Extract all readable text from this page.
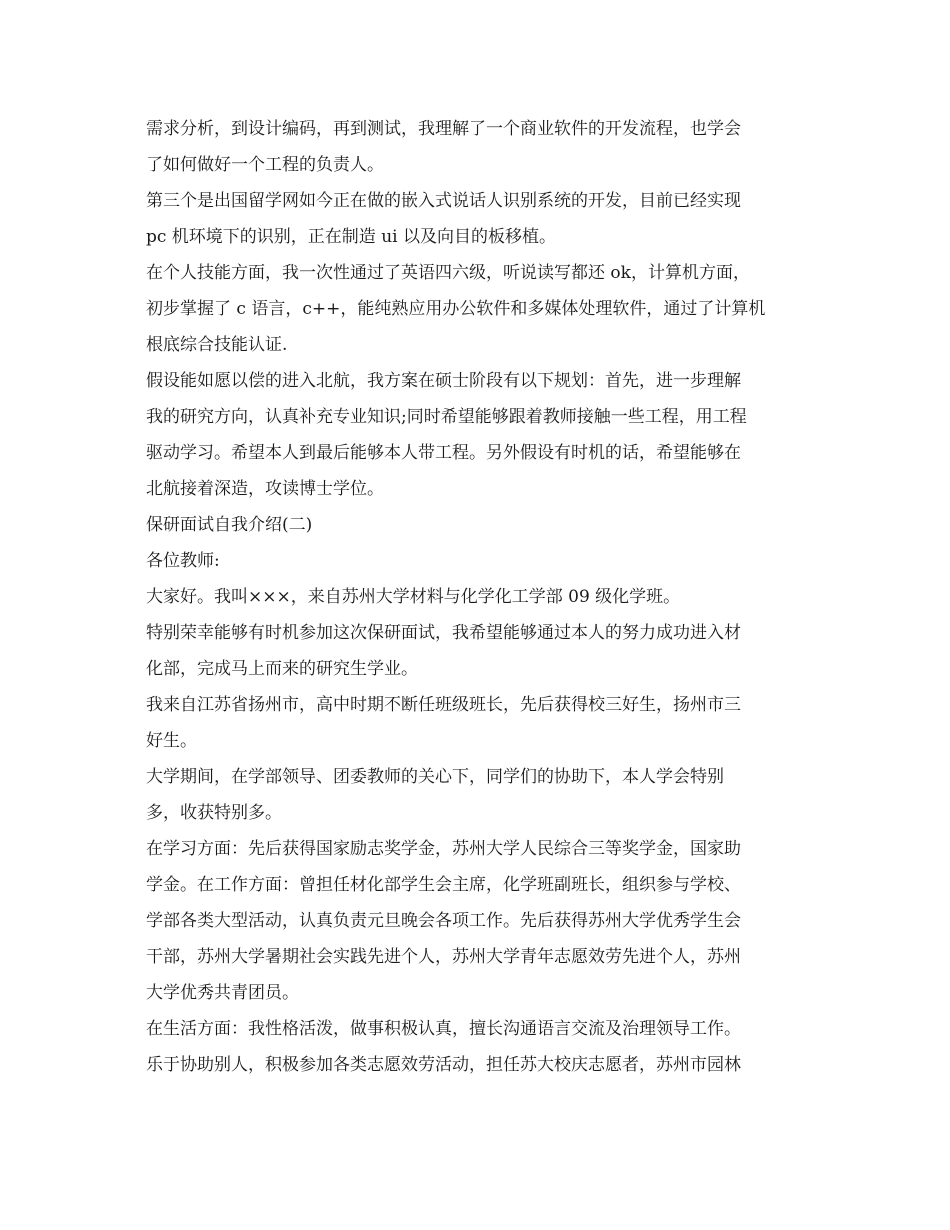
需求分析，到设计编码，再到测试，我理解了一个商业软件的开发流程，也学会
了如何做好一个工程的负责人。
第三个是出国留学网如今正在做的嵌入式说话人识别系统的开发，目前已经实现
pc 机环境下的识别，正在制造 ui 以及向目的板移植。
在个人技能方面，我一次性通过了英语四六级，听说读写都还 ok，计算机方面，
初步掌握了 c 语言，c++，能纯熟应用办公软件和多媒体处理软件，通过了计算机
根底综合技能认证.
假设能如愿以偿的进入北航，我方案在硕士阶段有以下规划：首先，进一步理解
我的研究方向，认真补充专业知识;同时希望能够跟着教师接触一些工程，用工程
驱动学习。希望本人到最后能够本人带工程。另外假设有时机的话，希望能够在
北航接着深造，攻读博士学位。
保研面试自我介绍(二)
各位教师:
大家好。我叫×××，来自苏州大学材料与化学化工学部 09 级化学班。
特别荣幸能够有时机参加这次保研面试，我希望能够通过本人的努力成功进入材
化部，完成马上而来的研究生学业。
我来自江苏省扬州市，高中时期不断任班级班长，先后获得校三好生，扬州市三
好生。
大学期间，在学部领导、团委教师的关心下，同学们的协助下，本人学会特别
多，收获特别多。
在学习方面：先后获得国家励志奖学金，苏州大学人民综合三等奖学金，国家助
学金。在工作方面：曾担任材化部学生会主席，化学班副班长，组织参与学校、
学部各类大型活动，认真负责元旦晚会各项工作。先后获得苏州大学优秀学生会
干部，苏州大学暑期社会实践先进个人，苏州大学青年志愿效劳先进个人，苏州
大学优秀共青团员。
在生活方面：我性格活泼，做事积极认真，擅长沟通语言交流及治理领导工作。
乐于协助别人，积极参加各类志愿效劳活动，担任苏大校庆志愿者，苏州市园林
